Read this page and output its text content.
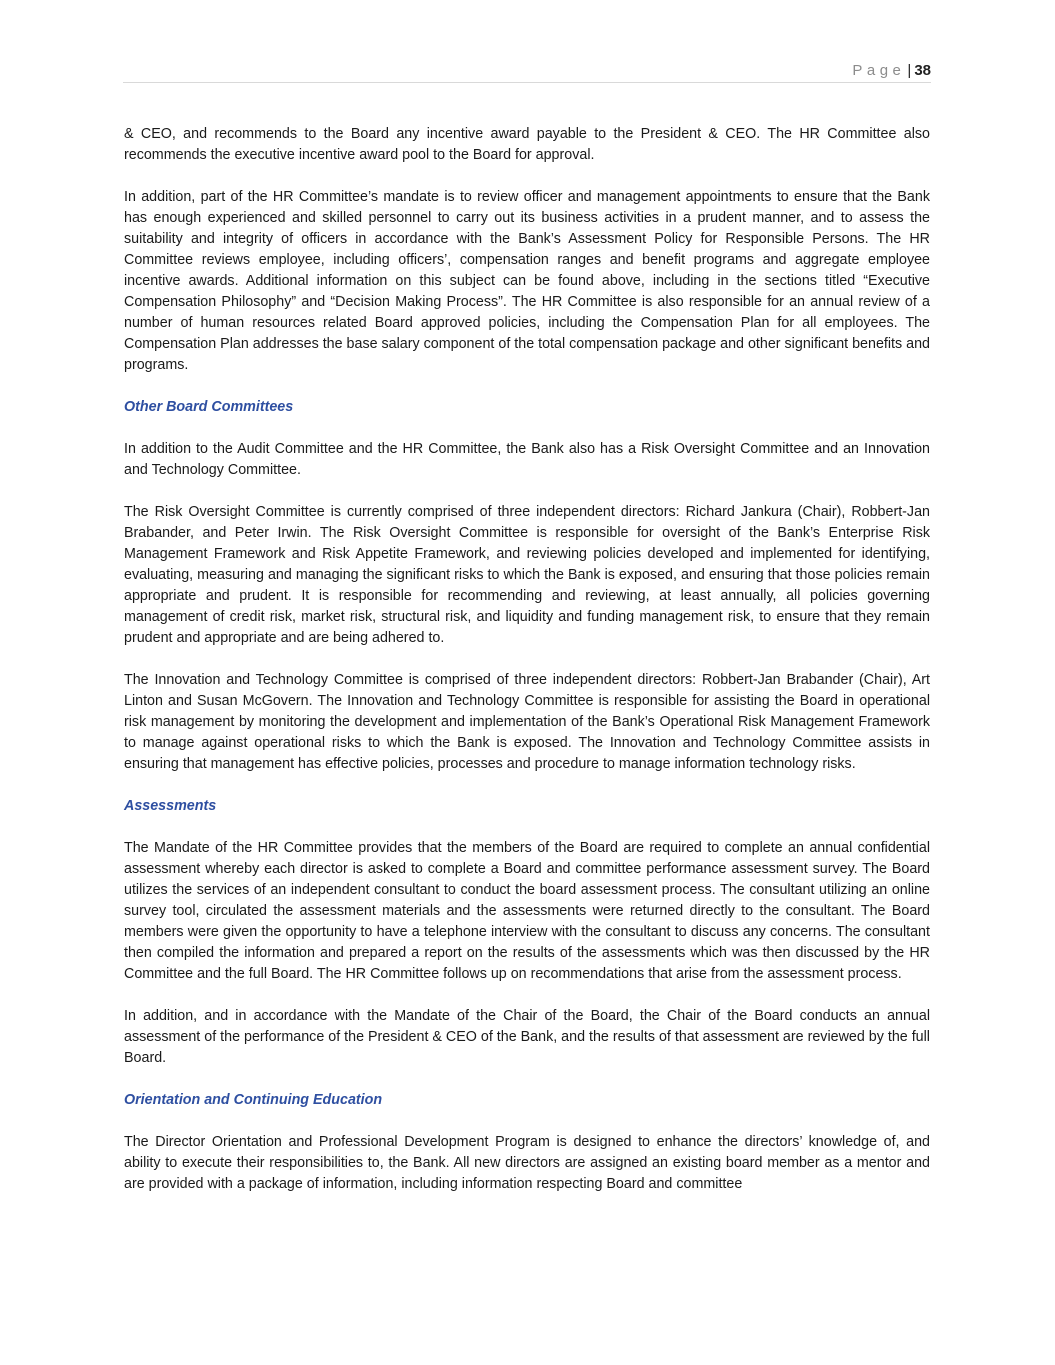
Page | 38

& CEO, and recommends to the Board any incentive award payable to the President & CEO. The HR Committee also recommends the executive incentive award pool to the Board for approval.

In addition, part of the HR Committee’s mandate is to review officer and management appointments to ensure that the Bank has enough experienced and skilled personnel to carry out its business activities in a prudent manner, and to assess the suitability and integrity of officers in accordance with the Bank’s Assessment Policy for Responsible Persons. The HR Committee reviews employee, including officers’, compensation ranges and benefit programs and aggregate employee incentive awards. Additional information on this subject can be found above, including in the sections titled “Executive Compensation Philosophy” and “Decision Making Process”. The HR Committee is also responsible for an annual review of a number of human resources related Board approved policies, including the Compensation Plan for all employees. The Compensation Plan addresses the base salary component of the total compensation package and other significant benefits and programs.

Other Board Committees

In addition to the Audit Committee and the HR Committee, the Bank also has a Risk Oversight Committee and an Innovation and Technology Committee.

The Risk Oversight Committee is currently comprised of three independent directors: Richard Jankura (Chair), Robbert-Jan Brabander, and Peter Irwin. The Risk Oversight Committee is responsible for oversight of the Bank’s Enterprise Risk Management Framework and Risk Appetite Framework, and reviewing policies developed and implemented for identifying, evaluating, measuring and managing the significant risks to which the Bank is exposed, and ensuring that those policies remain appropriate and prudent. It is responsible for recommending and reviewing, at least annually, all policies governing management of credit risk, market risk, structural risk, and liquidity and funding management risk, to ensure that they remain prudent and appropriate and are being adhered to.

The Innovation and Technology Committee is comprised of three independent directors: Robbert-Jan Brabander (Chair), Art Linton and Susan McGovern. The Innovation and Technology Committee is responsible for assisting the Board in operational risk management by monitoring the development and implementation of the Bank’s Operational Risk Management Framework to manage against operational risks to which the Bank is exposed. The Innovation and Technology Committee assists in ensuring that management has effective policies, processes and procedure to manage information technology risks.

Assessments

The Mandate of the HR Committee provides that the members of the Board are required to complete an annual confidential assessment whereby each director is asked to complete a Board and committee performance assessment survey. The Board utilizes the services of an independent consultant to conduct the board assessment process. The consultant utilizing an online survey tool, circulated the assessment materials and the assessments were returned directly to the consultant. The Board members were given the opportunity to have a telephone interview with the consultant to discuss any concerns. The consultant then compiled the information and prepared a report on the results of the assessments which was then discussed by the HR Committee and the full Board. The HR Committee follows up on recommendations that arise from the assessment process.

In addition, and in accordance with the Mandate of the Chair of the Board, the Chair of the Board conducts an annual assessment of the performance of the President & CEO of the Bank, and the results of that assessment are reviewed by the full Board.

Orientation and Continuing Education

The Director Orientation and Professional Development Program is designed to enhance the directors’ knowledge of, and ability to execute their responsibilities to, the Bank. All new directors are assigned an existing board member as a mentor and are provided with a package of information, including information respecting Board and committee
